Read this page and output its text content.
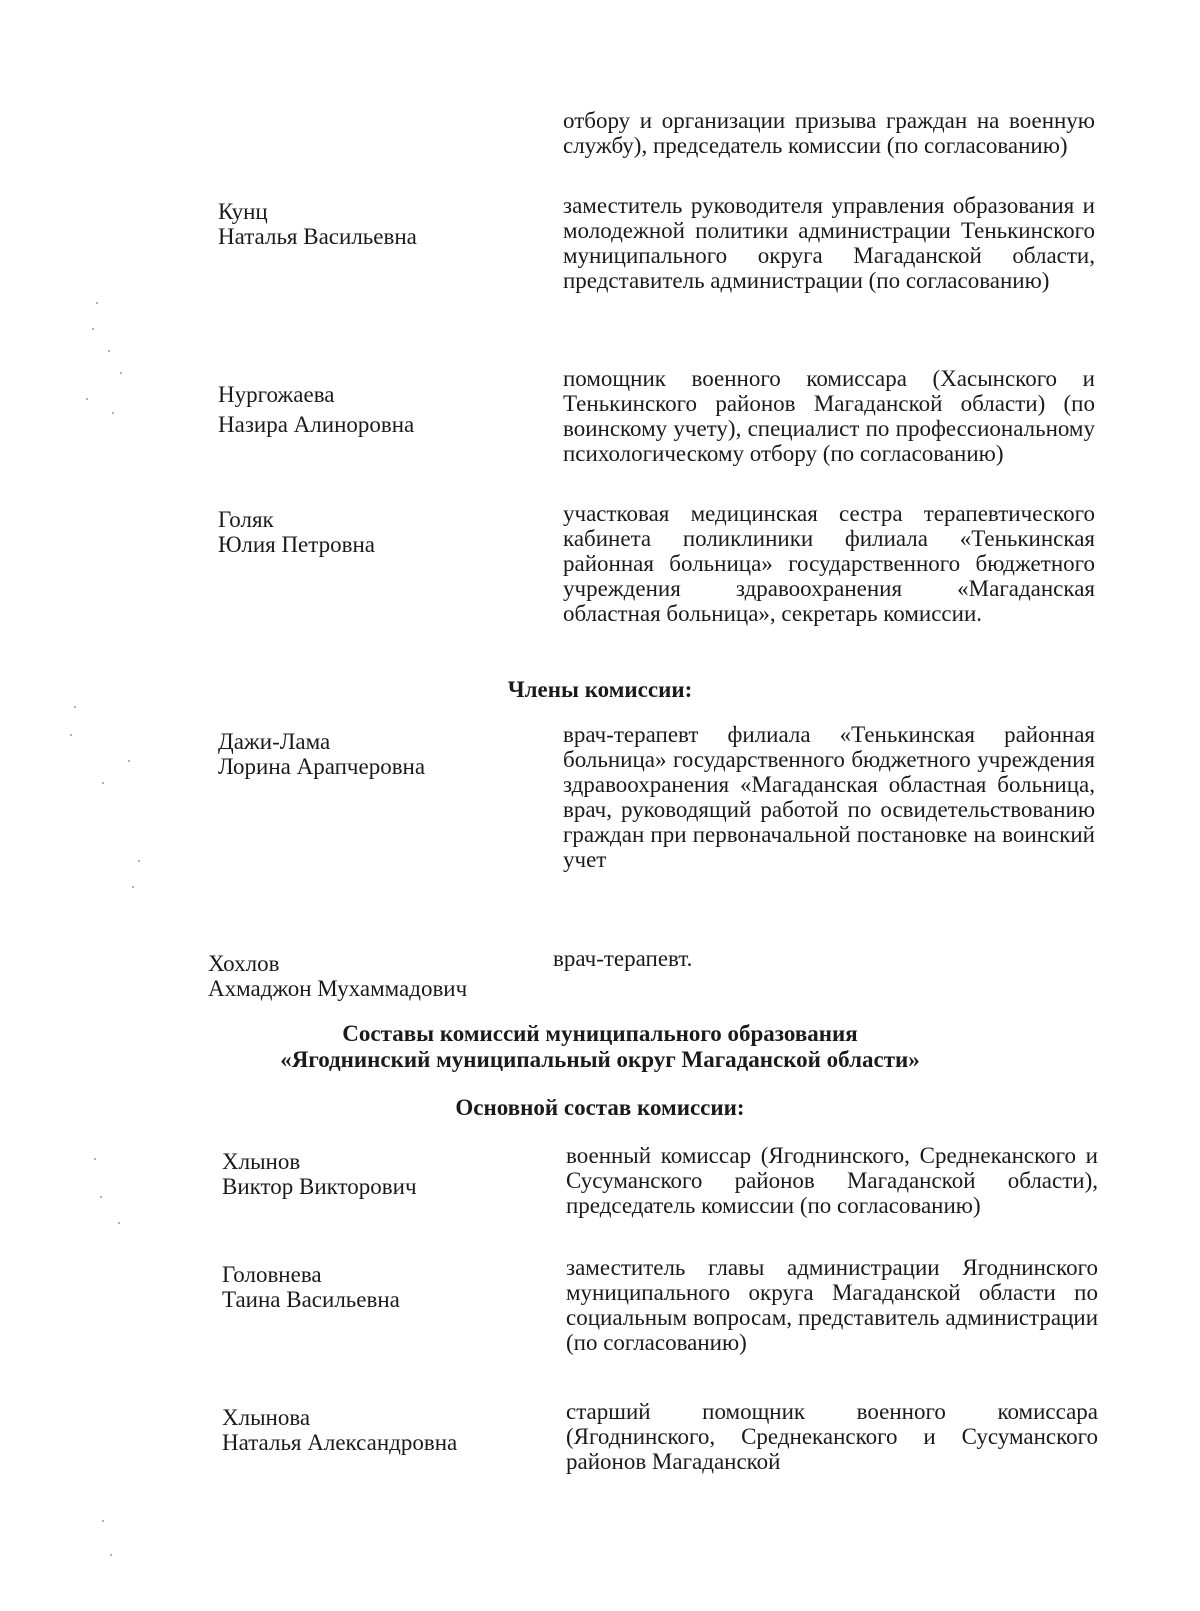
отбору и организации призыва граждан на военную службу), председатель комиссии (по согласованию)
Кунц
Наталья Васильевна
заместитель руководителя управления образования и молодежной политики администрации Тенькинского муниципального округа Магаданской области, представитель администрации (по согласованию)
Нургожаева
Назира Алиноровна
помощник военного комиссара (Хасынского и Тенькинского районов Магаданской области) (по воинскому учету), специалист по профессиональному психологическому отбору (по согласованию)
Голяк
Юлия Петровна
участковая медицинская сестра терапевтического кабинета поликлиники филиала «Тенькинская районная больница» государственного бюджетного учреждения здравоохранения «Магаданская областная больница», секретарь комиссии.
Члены комиссии:
Дажи-Лама
Лорина Арапчеровна
врач-терапевт филиала «Тенькинская районная больница» государственного бюджетного учреждения здравоохранения «Магаданская областная больница, врач, руководящий работой по освидетельствованию граждан при первоначальной постановке на воинский учет
Хохлов
Ахмаджон Мухаммадович
врач-терапевт.
Составы комиссий муниципального образования
«Ягоднинский муниципальный округ Магаданской области»
Основной состав комиссии:
Хлынов
Виктор Викторович
военный комиссар (Ягоднинского, Среднеканского и Сусуманского районов Магаданской области), председатель комиссии (по согласованию)
Головнева
Таина Васильевна
заместитель главы администрации Ягоднинского муниципального округа Магаданской области по социальным вопросам, представитель администрации (по согласованию)
Хлынова
Наталья Александровна
старший помощник военного комиссара (Ягоднинского, Среднеканского и Сусуманского районов Магаданской
